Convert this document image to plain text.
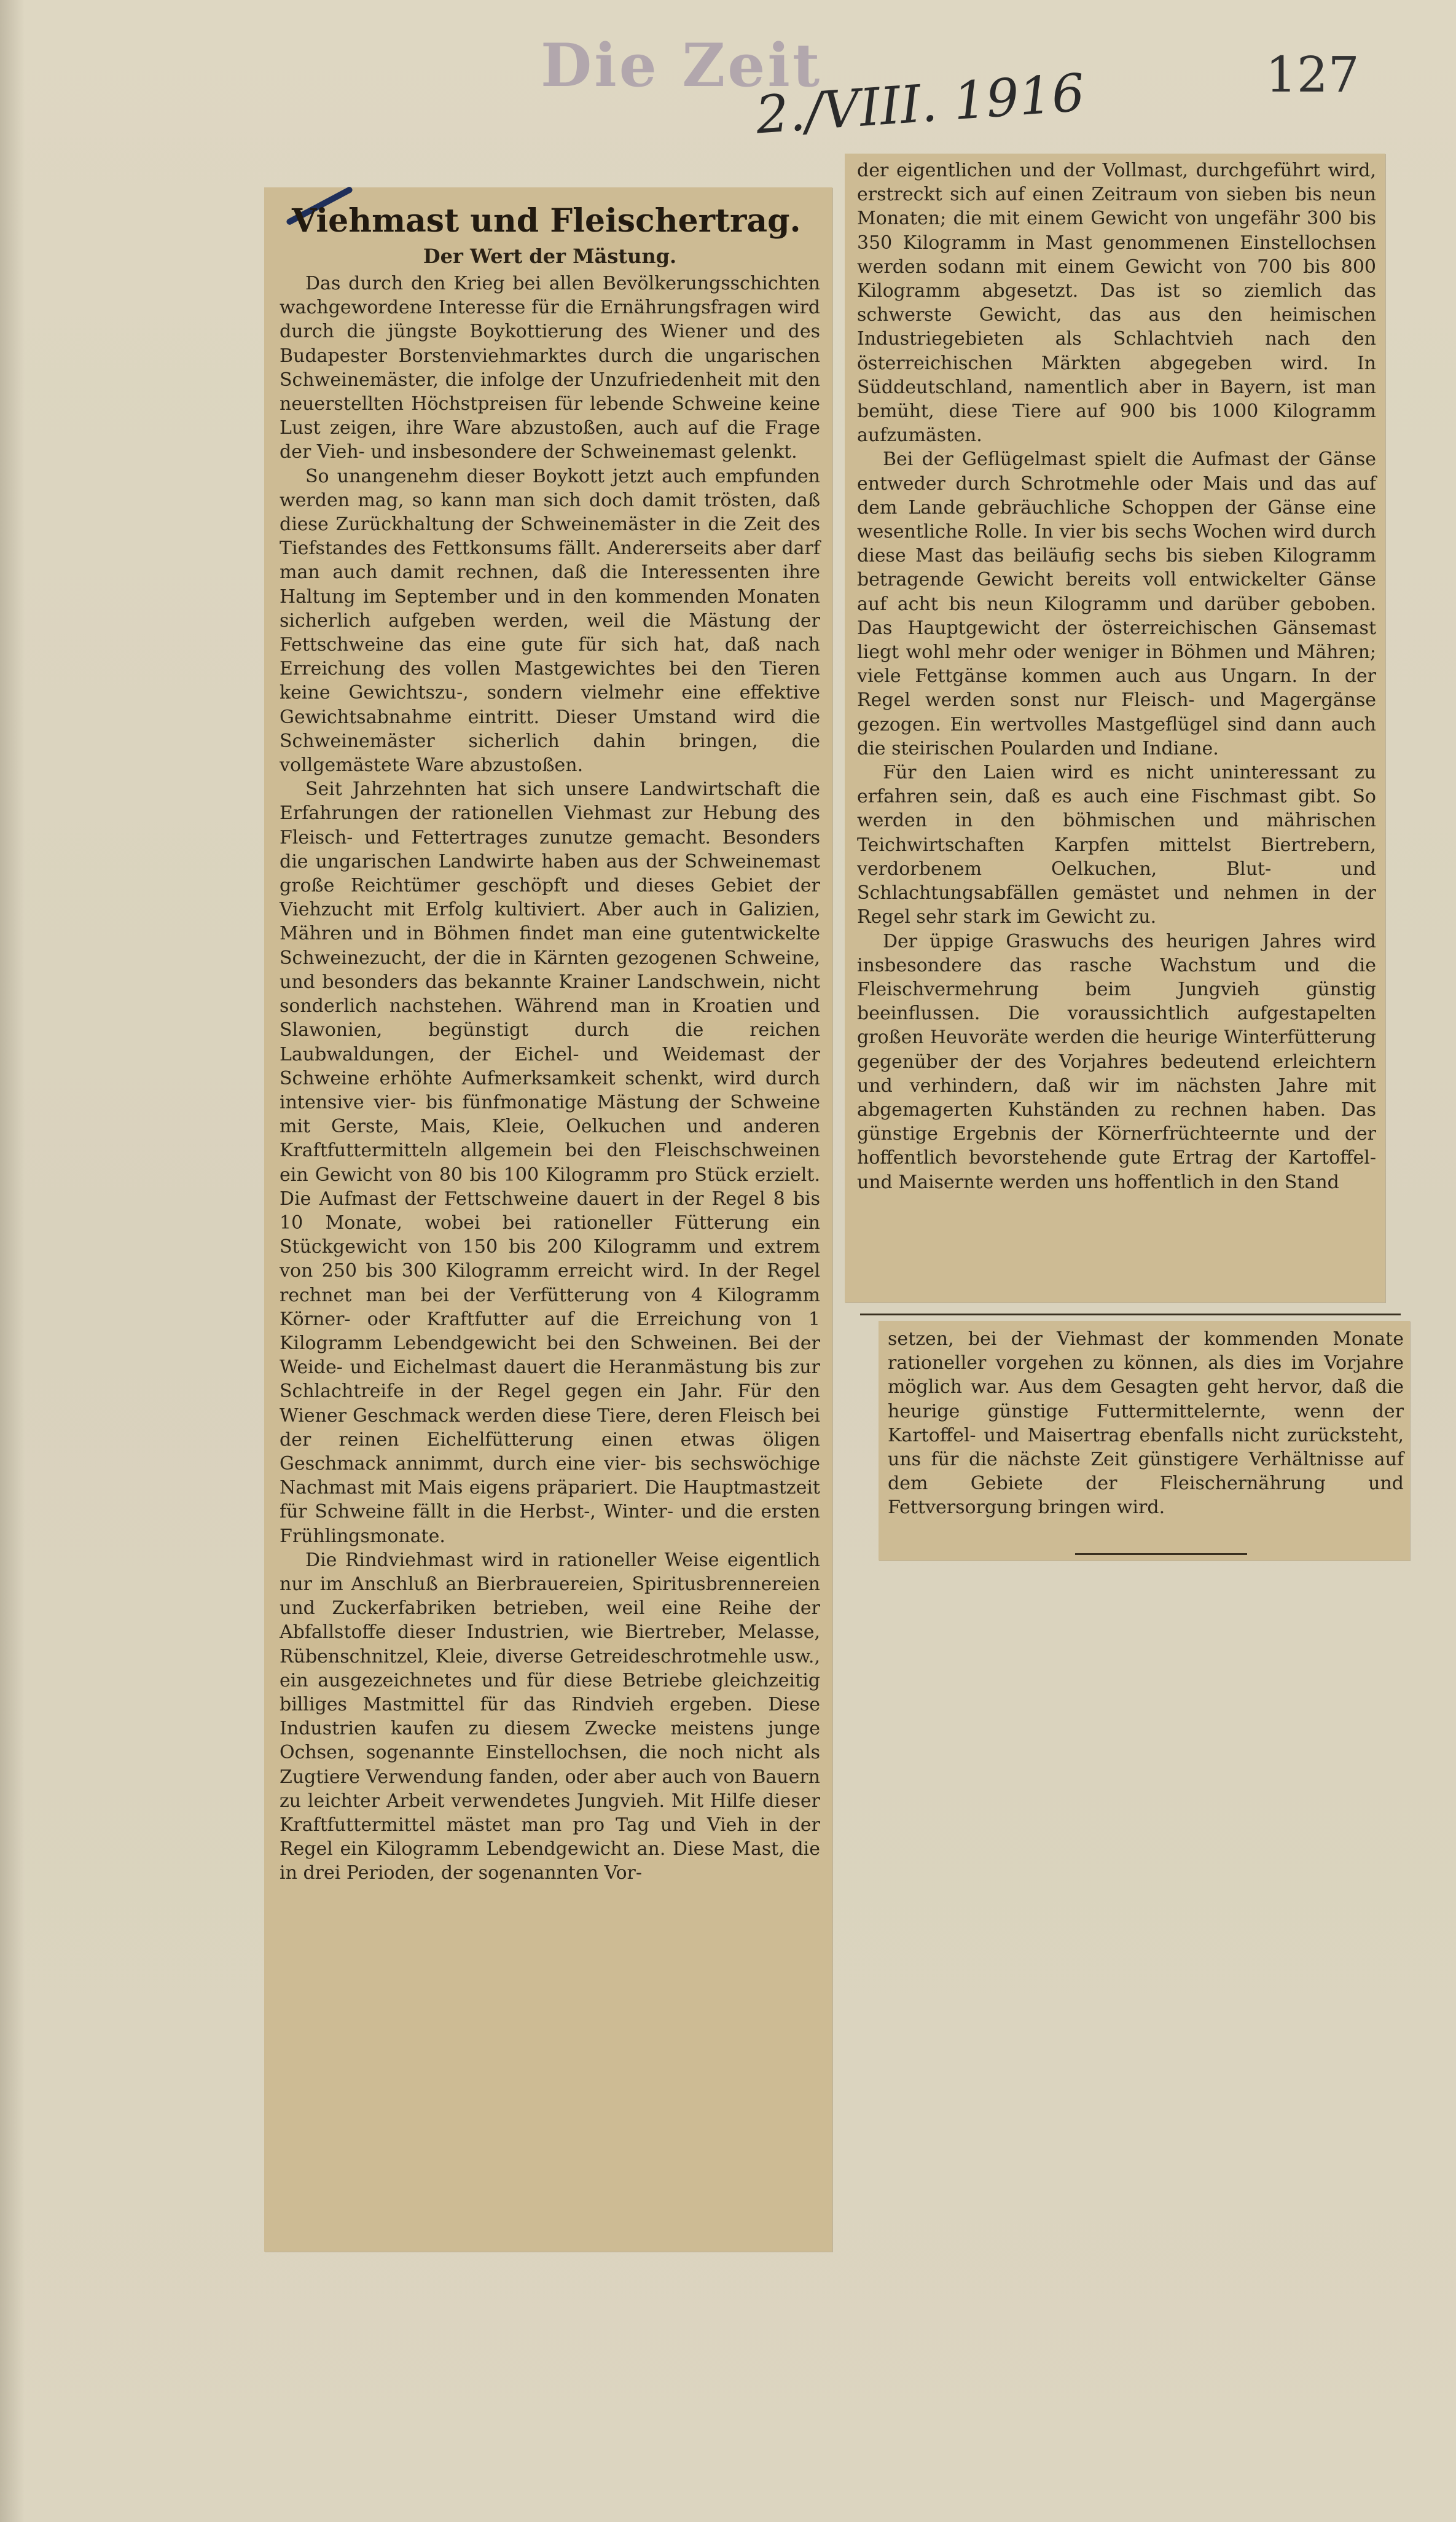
Die Zeit
2./VIII. 1916	127
Viehmast und Fleischertrag.
Der Wert der Mästung.

Das durch den Krieg bei allen Bevölkerungsschichten wachgewordene Interesse für die Ernährungsfragen wird durch die jüngste Boykottierung des Wiener und des Budapester Borstenviehmarktes durch die ungarischen Schweinemäster, die infolge der Unzufriedenheit mit den neuerstellten Höchstpreisen für lebende Schweine keine Lust zeigen, ihre Ware abzustoßen, auch auf die Frage der Vieh- und insbesondere der Schweinemast gelenkt.

So unangenehm dieser Boykott jetzt auch empfunden werden mag, so kann man sich doch damit trösten, daß diese Zurückhaltung der Schweinemäster in die Zeit des Tiefstandes des Fettkonsums fällt. Andererseits aber darf man auch damit rechnen, daß die Interessenten ihre Haltung im September und in den kommenden Monaten sicherlich aufgeben werden, weil die Mästung der Fettschweine das eine gute für sich hat, daß nach Erreichung des vollen Mastgewichtes bei den Tieren keine Gewichtszu-, sondern vielmehr eine effektive Gewichtsabnahme eintritt. Dieser Umstand wird die Schweinemäster sicherlich dahin bringen, die vollgemästete Ware abzustoßen.

Seit Jahrzehnten hat sich unsere Landwirtschaft die Erfahrungen der rationellen Viehmast zur Hebung des Fleisch- und Fettertrages zunutze gemacht. Besonders die ungarischen Landwirte haben aus der Schweinemast große Reichtümer geschöpft und dieses Gebiet der Viehzucht mit Erfolg kultiviert. Aber auch in Galizien, Mähren und in Böhmen findet man eine gutentwickelte Schweinezucht, der die in Kärnten gezogenen Schweine, und besonders das bekannte Krainer Landschwein, nicht sonderlich nachstehen. Während man in Kroatien und Slawonien, begünstigt durch die reichen Laubwaldungen, der Eichel- und Weidemast der Schweine erhöhte Aufmerksamkeit schenkt, wird durch intensive vier- bis fünfmonatige Mästung der Schweine mit Gerste, Mais, Kleie, Oelkuchen und anderen Kraftfuttermitteln allgemein bei den Fleischschweinen ein Gewicht von 80 bis 100 Kilogramm pro Stück erzielt. Die Aufmast der Fettschweine dauert in der Regel 8 bis 10 Monate, wobei bei rationeller Fütterung ein Stückgewicht von 150 bis 200 Kilogramm und extrem von 250 bis 300 Kilogramm erreicht wird. In der Regel rechnet man bei der Verfütterung von 4 Kilogramm Körner- oder Kraftfutter auf die Erreichung von 1 Kilogramm Lebendgewicht bei den Schweinen. Bei der Weide- und Eichelmast dauert die Heranmästung bis zur Schlachtreife in der Regel gegen ein Jahr. Für den Wiener Geschmack werden diese Tiere, deren Fleisch bei der reinen Eichelfütterung einen etwas öligen Geschmack annimmt, durch eine vier- bis sechswöchige Nachmast mit Mais eigens präpariert. Die Hauptmastzeit für Schweine fällt in die Herbst-, Winter- und die ersten Frühlingsmonate.

Die Rindviehmast wird in rationeller Weise eigentlich nur im Anschluß an Bierbrauereien, Spiritusbrennereien und Zuckerfabriken betrieben, weil eine Reihe der Abfallstoffe dieser Industrien, wie Biertreber, Melasse, Rübenschnitzel, Kleie, diverse Getreideschrotmehle usw., ein ausgezeichnetes und für diese Betriebe gleichzeitig billiges Mastmittel für das Rindvieh ergeben. Diese Industrien kaufen zu diesem Zwecke meistens junge Ochsen, sogenannte Einstellochsen, die noch nicht als Zugtiere Verwendung fanden, oder aber auch von Bauern zu leichter Arbeit verwendetes Jungvieh. Mit Hilfe dieser Kraftfuttermittel mästet man pro Tag und Vieh in der Regel ein Kilogramm Lebendgewicht an. Diese Mast, die in drei Perioden, der sogenannten Vor-

der eigentlichen und der Vollmast, durchgeführt wird, erstreckt sich auf einen Zeitraum von sieben bis neun Monaten; die mit einem Gewicht von ungefähr 300 bis 350 Kilogramm in Mast genommenen Einstellochsen werden sodann mit einem Gewicht von 700 bis 800 Kilogramm abgesetzt. Das ist so ziemlich das schwerste Gewicht, das aus den heimischen Industriegebieten als Schlachtvieh nach den österreichischen Märkten abgegeben wird. In Süddeutschland, namentlich aber in Bayern, ist man bemüht, diese Tiere auf 900 bis 1000 Kilogramm aufzumästen.

Bei der Geflügelmast spielt die Aufmast der Gänse entweder durch Schrotmehle oder Mais und das auf dem Lande gebräuchliche Schoppen der Gänse eine wesentliche Rolle. In vier bis sechs Wochen wird durch diese Mast das beiläufig sechs bis sieben Kilogramm betragende Gewicht bereits voll entwickelter Gänse auf acht bis neun Kilogramm und darüber geboben. Das Hauptgewicht der österreichischen Gänsemast liegt wohl mehr oder weniger in Böhmen und Mähren; viele Fettgänse kommen auch aus Ungarn. In der Regel werden sonst nur Fleisch- und Magergänse gezogen. Ein wertvolles Mastgeflügel sind dann auch die steirischen Poularden und Indiane.

Für den Laien wird es nicht uninteressant zu erfahren sein, daß es auch eine Fischmast gibt. So werden in den böhmischen und mährischen Teichwirtschaften Karpfen mittelst Biertrebern, verdorbenem Oelkuchen, Blut- und Schlachtungsabfällen gemästet und nehmen in der Regel sehr stark im Gewicht zu.

Der üppige Graswuchs des heurigen Jahres wird insbesondere das rasche Wachstum und die Fleischvermehrung beim Jungvieh günstig beeinflussen. Die voraussichtlich aufgestapelten großen Heuvoräte werden die heurige Winterfütterung gegenüber der des Vorjahres bedeutend erleichtern und verhindern, daß wir im nächsten Jahre mit abgemagerten Kuhständen zu rechnen haben. Das günstige Ergebnis der Körnerfrüchteernte und der hoffentlich bevorstehende gute Ertrag der Kartoffel- und Maisernte werden uns hoffentlich in den Stand

setzen, bei der Viehmast der kommenden Monate rationeller vorgehen zu können, als dies im Vorjahre möglich war. Aus dem Gesagten geht hervor, daß die heurige günstige Futtermittelernte, wenn der Kartoffel- und Maisertrag ebenfalls nicht zurücksteht, uns für die nächste Zeit günstigere Verhältnisse auf dem Gebiete der Fleischernährung und Fettversorgung bringen wird.
